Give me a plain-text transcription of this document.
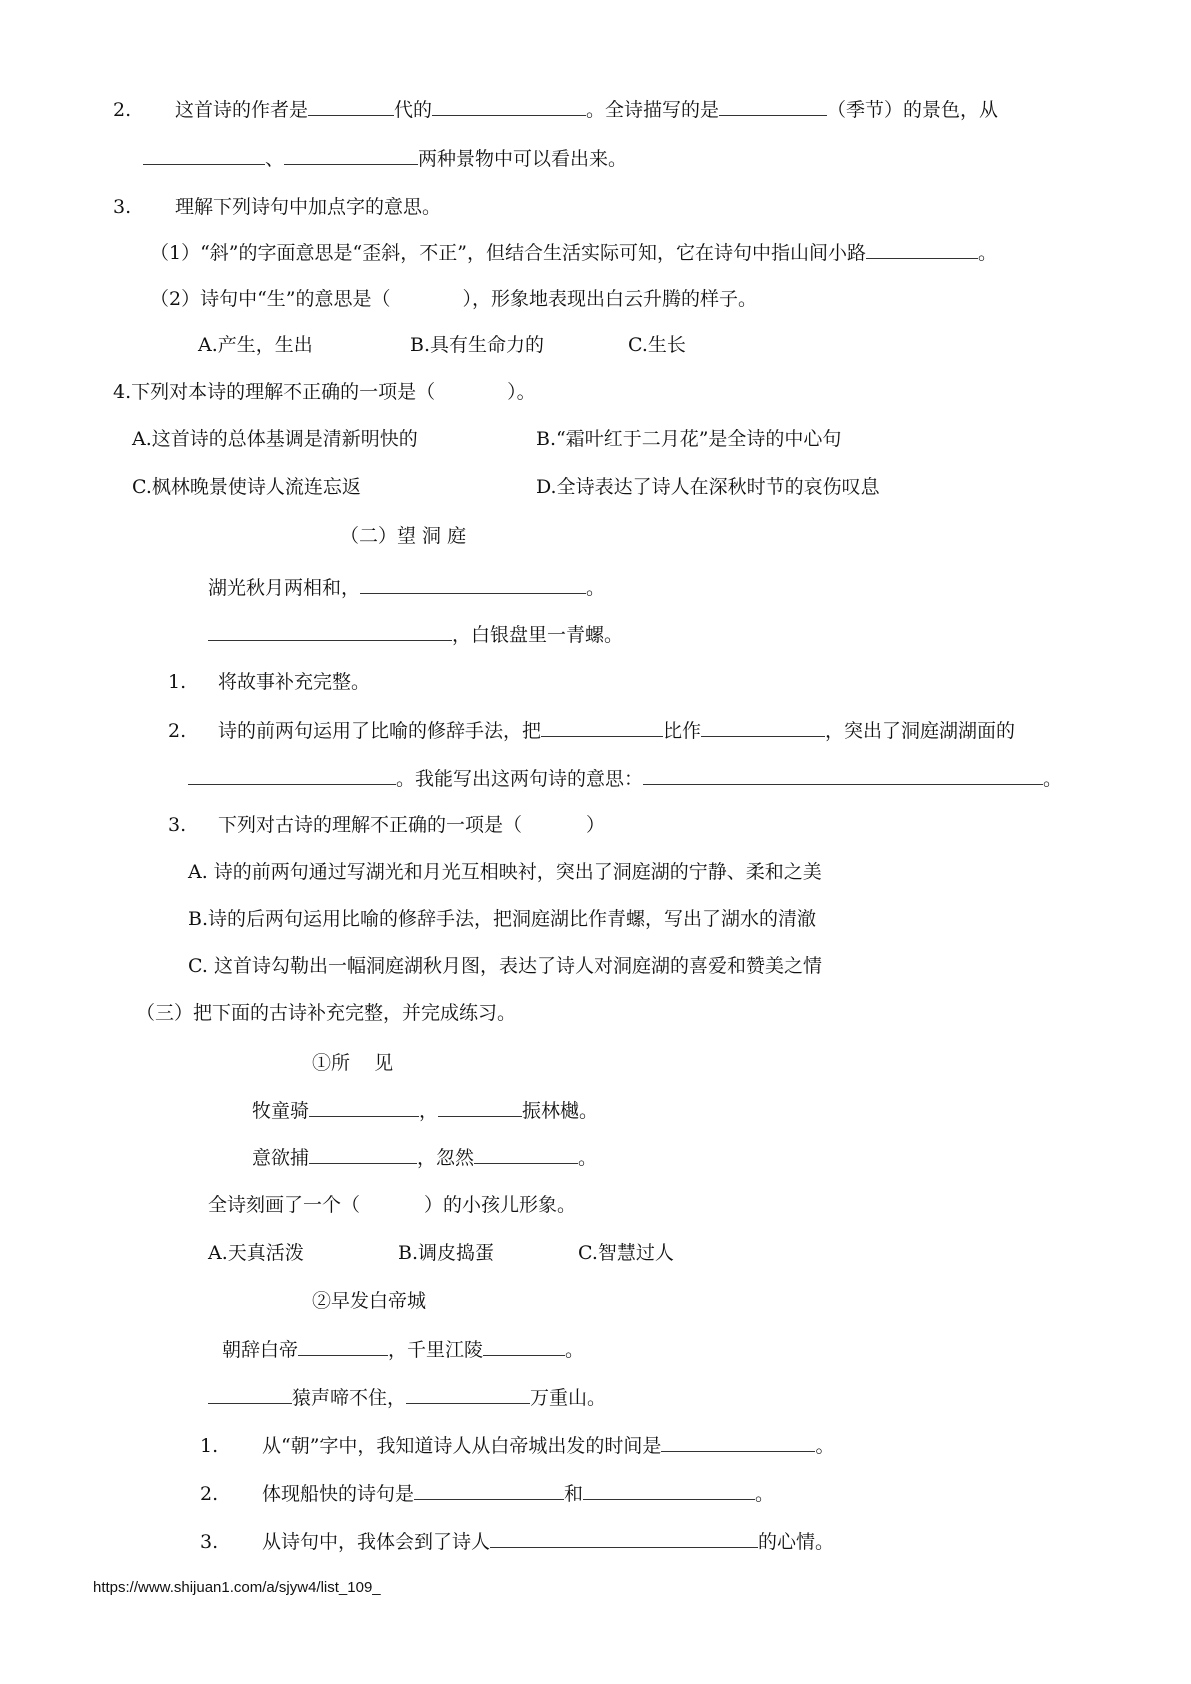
2. 这首诗的作者是	代的	。全诗描写的是	（季节）的景色，从
、	两种景物中可以看出来。
3. 理解下列诗句中加点字的意思。
（1）“斜”的字面意思是“歪斜，不正”，但结合生活实际可知，它在诗句中指山间小路	。
（2）诗句中“生”的意思是（	），形象地表现出白云升腾的样子。
A.产生，生出	B.具有生命力的	C.生长
4.下列对本诗的理解不正确的一项是（	）。
A.这首诗的总体基调是清新明快的	B.“霜叶红于二月花”是全诗的中心句
C.枫林晚景使诗人流连忘返	D.全诗表达了诗人在深秋时节的哀伤叹息
（二）望 洞 庭
湖光秋月两相和，	。
，白银盘里一青螺。
1. 将故事补充完整。
2. 诗的前两句运用了比喻的修辞手法，把	比作	，突出了洞庭湖湖面的
。我能写出这两句诗的意思：	。
3. 下列对古诗的理解不正确的一项是（	）
A. 诗的前两句通过写湖光和月光互相映衬，突出了洞庭湖的宁静、柔和之美
B.诗的后两句运用比喻的修辞手法，把洞庭湖比作青螺，写出了湖水的清澈
C. 这首诗勾勒出一幅洞庭湖秋月图，表达了诗人对洞庭湖的喜爱和赞美之情
（三）把下面的古诗补充完整，并完成练习。
①所    见
牧童骑	，	振林樾。
意欲捕	，忽然	。
全诗刻画了一个（	）的小孩儿形象。
A.天真活泼	B.调皮捣蛋	C.智慧过人
②早发白帝城
朝辞白帝	，千里江陵	。
猿声啼不住，	万重山。
1. 从“朝”字中，我知道诗人从白帝城出发的时间是	。
2. 体现船快的诗句是	和	。
3. 从诗句中，我体会到了诗人	的心情。
https://www.shijuan1.com/a/sjyw4/list_109_
